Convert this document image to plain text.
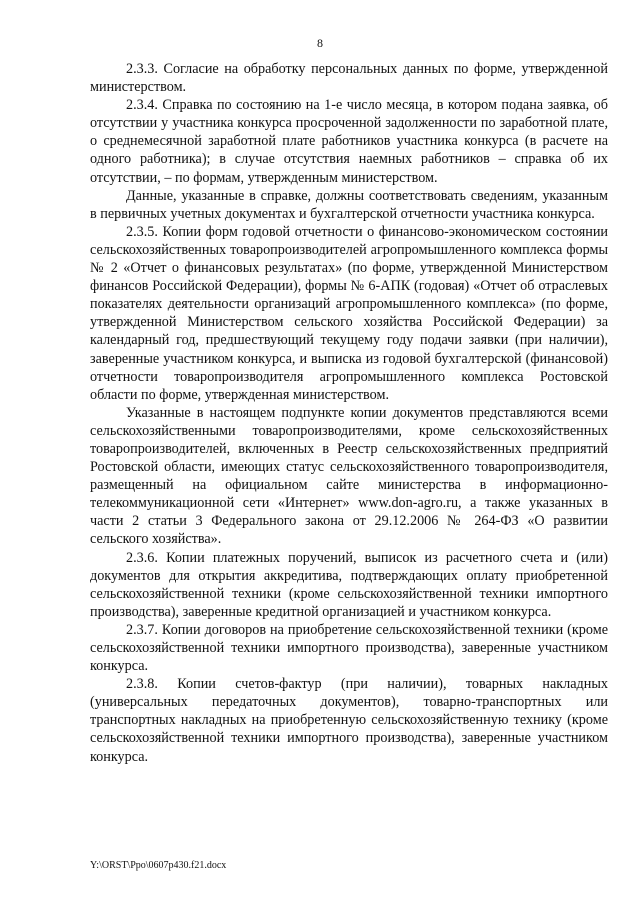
8

2.3.3. Согласие на обработку персональных данных по форме, утвержденной министерством.

2.3.4. Справка по состоянию на 1-е число месяца, в котором подана заявка, об отсутствии у участника конкурса просроченной задолженности по заработной плате, о среднемесячной заработной плате работников участника конкурса (в расчете на одного работника); в случае отсутствия наемных работников – справка об их отсутствии, – по формам, утвержденным министерством.

Данные, указанные в справке, должны соответствовать сведениям, указанным в первичных учетных документах и бухгалтерской отчетности участника конкурса.

2.3.5. Копии форм годовой отчетности о финансово-экономическом состоянии сельскохозяйственных товаропроизводителей агропромышленного комплекса формы № 2 «Отчет о финансовых результатах» (по форме, утвержденной Министерством финансов Российской Федерации), формы № 6-АПК (годовая) «Отчет об отраслевых показателях деятельности организаций агропромышленного комплекса» (по форме, утвержденной Министерством сельского хозяйства Российской Федерации) за календарный год, предшествующий текущему году подачи заявки (при наличии), заверенные участником конкурса, и выписка из годовой бухгалтерской (финансовой) отчетности товаропроизводителя агропромышленного комплекса Ростовской области по форме, утвержденная министерством.

Указанные в настоящем подпункте копии документов представляются всеми сельскохозяйственными товаропроизводителями, кроме сельскохозяйственных товаропроизводителей, включенных в Реестр сельскохозяйственных предприятий Ростовской области, имеющих статус сельскохозяйственного товаропроизводителя, размещенный на официальном сайте министерства в информационно-телекоммуникационной сети «Интернет» www.don-agro.ru, а также указанных в части 2 статьи 3 Федерального закона от 29.12.2006 № 264-ФЗ «О развитии сельского хозяйства».

2.3.6. Копии платежных поручений, выписок из расчетного счета и (или) документов для открытия аккредитива, подтверждающих оплату приобретенной сельскохозяйственной техники (кроме сельскохозяйственной техники импортного производства), заверенные кредитной организацией и участником конкурса.

2.3.7. Копии договоров на приобретение сельскохозяйственной техники (кроме сельскохозяйственной техники импортного производства), заверенные участником конкурса.

2.3.8. Копии счетов-фактур (при наличии), товарных накладных (универсальных передаточных документов), товарно-транспортных или транспортных накладных на приобретенную сельскохозяйственную технику (кроме сельскохозяйственной техники импортного производства), заверенные участником конкурса.

Y:\ORST\Ppo\0607p430.f21.docx
